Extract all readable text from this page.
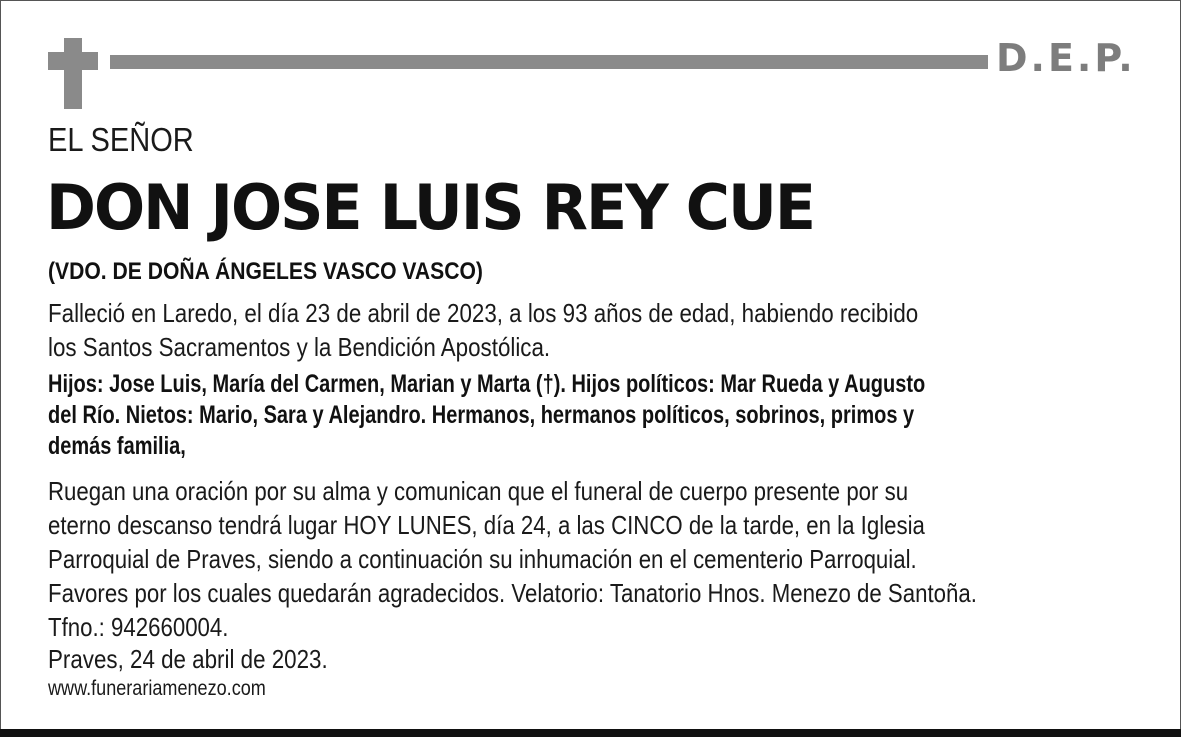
D.E.P.
EL SEÑOR
DON JOSE LUIS REY CUE
(VDO. DE DOÑA ÁNGELES VASCO VASCO)
Falleció en Laredo, el día 23 de abril de 2023, a los 93 años de edad, habiendo recibido
los Santos Sacramentos y la Bendición Apostólica.
Hijos: Jose Luis, María del Carmen, Marian y Marta (†). Hijos políticos: Mar Rueda y Augusto
del Río. Nietos: Mario, Sara y Alejandro. Hermanos, hermanos políticos, sobrinos, primos y
demás familia,
Ruegan una oración por su alma y comunican que el funeral de cuerpo presente por su
eterno descanso tendrá lugar HOY LUNES, día 24, a las CINCO de la tarde, en la Iglesia
Parroquial de Praves, siendo a continuación su inhumación en el cementerio Parroquial.
Favores por los cuales quedarán agradecidos. Velatorio: Tanatorio Hnos. Menezo de Santoña.
Tfno.: 942660004.
Praves, 24 de abril de 2023.
www.funerariamenezo.com
